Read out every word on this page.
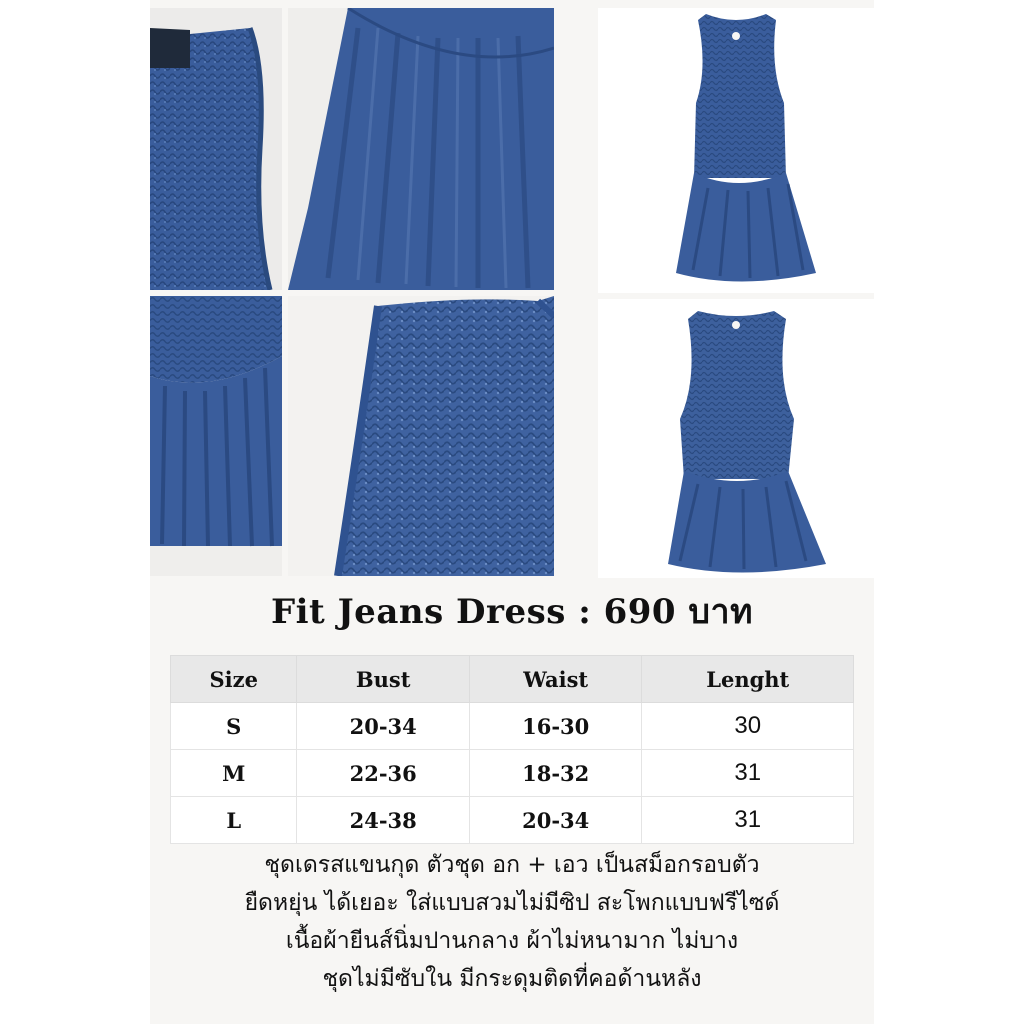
Fit Jeans Dress : 690 บาท
Size	Bust	Waist	Lenght
S	20-34	16-30	30
M	22-36	18-32	31
L	24-38	20-34	31
ชุดเดรสแขนกุด ตัวชุด อก + เอว เป็นสม็อกรอบตัว
ยืดหยุ่น ได้เยอะ ใส่แบบสวมไม่มีซิป สะโพกแบบฟรีไซด์
เนื้อผ้ายีนส์นิ่มปานกลาง ผ้าไม่หนามาก ไม่บาง
ชุดไม่มีซับใน มีกระดุมติดที่คอด้านหลัง
